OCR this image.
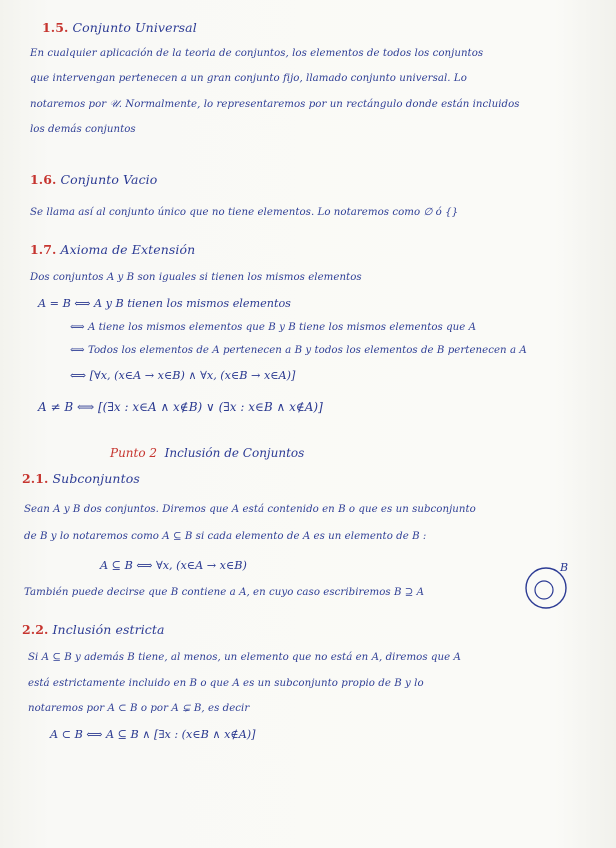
1.5. Conjunto Universal
En cualquier aplicación de la teoria de conjuntos, los elementos de todos los conjuntos
que intervengan pertenecen a un gran conjunto fijo, llamado conjunto universal. Lo
notaremos por 𝒰. Normalmente, lo representaremos por un rectángulo donde están incluidos
los demás conjuntos
1.6. Conjunto Vacio
Se llama así al conjunto único que no tiene elementos. Lo notaremos como ∅ ó {}
1.7. Axioma de Extensión
Dos conjuntos A y B son iguales si tienen los mismos elementos
A = B ⟺ A y B tienen los mismos elementos
⟺ A tiene los mismos elementos que B y B tiene los mismos elementos que A
⟺ Todos los elementos de A pertenecen a B y todos los elementos de B pertenecen a A
⟺ [∀x, (x∈A → x∈B) ∧ ∀x, (x∈B → x∈A)]
A ≠ B ⟺ [(∃x : x∈A ∧ x∉B) ∨ (∃x : x∈B ∧ x∉A)]
Punto 2 Inclusión de Conjuntos
2.1. Subconjuntos
Sean A y B dos conjuntos. Diremos que A está contenido en B o que es un subconjunto
de B y lo notaremos como A ⊆ B si cada elemento de A es un elemento de B :
A ⊆ B ⟺ ∀x, (x∈A → x∈B)
También puede decirse que B contiene a A, en cuyo caso escribiremos B ⊇ A
B
2.2. Inclusión estricta
Si A ⊆ B y además B tiene, al menos, un elemento que no está en A, diremos que A
está estrictamente incluido en B o que A es un subconjunto propio de B y lo
notaremos por A ⊂ B o por A ⊊ B, es decir
A ⊂ B ⟺ A ⊆ B ∧ [∃x : (x∈B ∧ x∉A)]
